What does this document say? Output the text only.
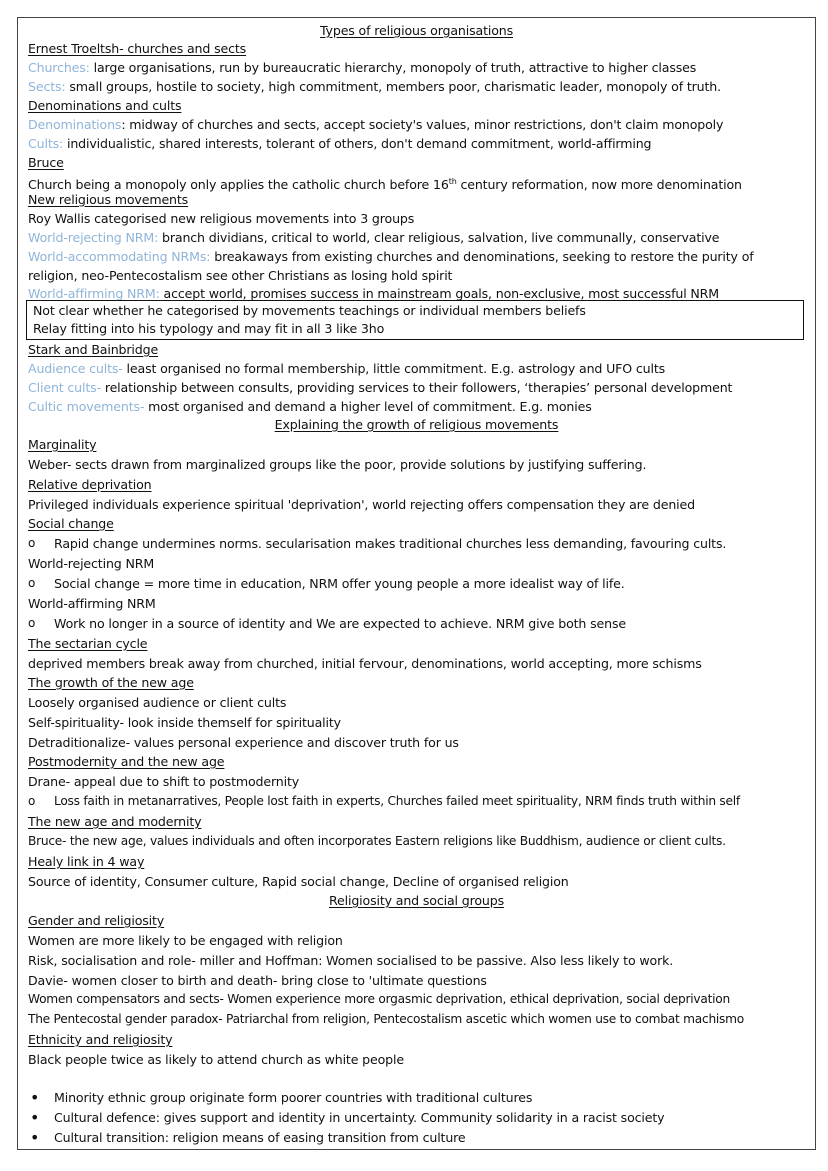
Types of religious organisations
Ernest Troeltsh- churches and sects
Churches: large organisations, run by bureaucratic hierarchy, monopoly of truth, attractive to higher classes
Sects: small groups, hostile to society, high commitment, members poor, charismatic leader, monopoly of truth.
Denominations and cults
Denominations: midway of churches and sects, accept society's values, minor restrictions, don't claim monopoly
Cults: individualistic, shared interests, tolerant of others, don't demand commitment, world-affirming
Bruce
Church being a monopoly only applies the catholic church before 16th century reformation, now more denomination
New religious movements
Roy Wallis categorised new religious movements into 3 groups
World-rejecting NRM: branch dividians, critical to world, clear religious, salvation, live communally, conservative
World-accommodating NRMs: breakaways from existing churches and denominations, seeking to restore the purity of
religion, neo-Pentecostalism see other Christians as losing hold spirit
World-affirming NRM: accept world, promises success in mainstream goals, non-exclusive, most successful NRM
Not clear whether he categorised by movements teachings or individual members beliefs
Relay fitting into his typology and may fit in all 3 like 3ho
Stark and Bainbridge
Audience cults- least organised no formal membership, little commitment. E.g. astrology and UFO cults
Client cults- relationship between consults, providing services to their followers, ‘therapies’ personal development
Cultic movements- most organised and demand a higher level of commitment. E.g. monies
Explaining the growth of religious movements
Marginality
Weber- sects drawn from marginalized groups like the poor, provide solutions by justifying suffering.
Relative deprivation
Privileged individuals experience spiritual 'deprivation', world rejecting offers compensation they are denied
Social change
o Rapid change undermines norms. secularisation makes traditional churches less demanding, favouring cults.
World-rejecting NRM
o Social change = more time in education, NRM offer young people a more idealist way of life.
World-affirming NRM
o Work no longer in a source of identity and We are expected to achieve. NRM give both sense
The sectarian cycle
deprived members break away from churched, initial fervour, denominations, world accepting, more schisms
The growth of the new age
Loosely organised audience or client cults
Self-spirituality- look inside themself for spirituality
Detraditionalize- values personal experience and discover truth for us
Postmodernity and the new age
Drane- appeal due to shift to postmodernity
o Loss faith in metanarratives, People lost faith in experts, Churches failed meet spirituality, NRM finds truth within self
The new age and modernity
Bruce- the new age, values individuals and often incorporates Eastern religions like Buddhism, audience or client cults.
Healy link in 4 way
Source of identity, Consumer culture, Rapid social change, Decline of organised religion
Religiosity and social groups
Gender and religiosity
Women are more likely to be engaged with religion
Risk, socialisation and role- miller and Hoffman: Women socialised to be passive. Also less likely to work.
Davie- women closer to birth and death- bring close to 'ultimate questions
Women compensators and sects- Women experience more orgasmic deprivation, ethical deprivation, social deprivation
The Pentecostal gender paradox- Patriarchal from religion, Pentecostalism ascetic which women use to combat machismo
Ethnicity and religiosity
Black people twice as likely to attend church as white people
• Minority ethnic group originate form poorer countries with traditional cultures
• Cultural defence: gives support and identity in uncertainty. Community solidarity in a racist society
• Cultural transition: religion means of easing transition from culture
